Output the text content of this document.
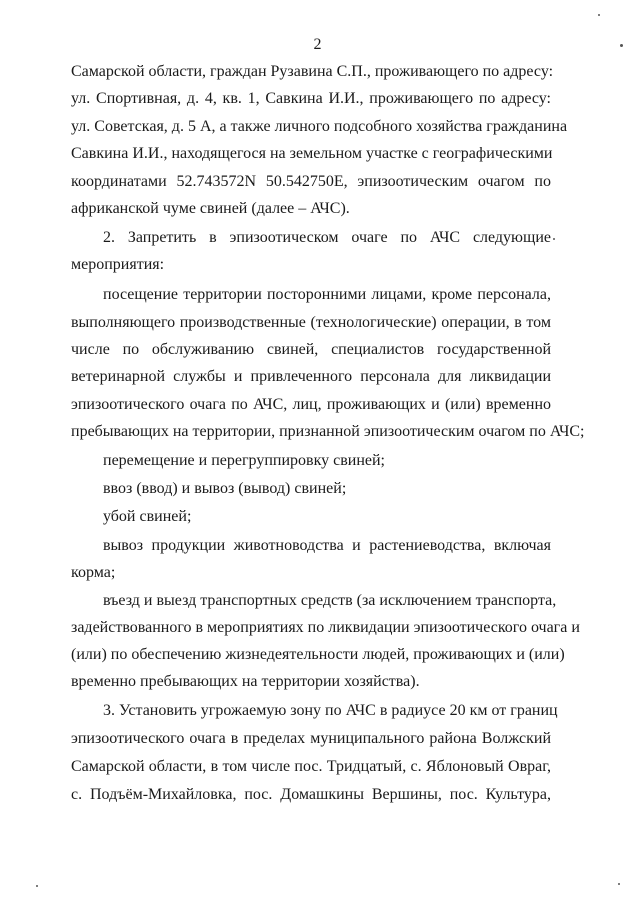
2
Самарской области, граждан Рузавина С.П., проживающего по адресу:
ул. Спортивная, д. 4, кв. 1, Савкина И.И., проживающего по адресу:
ул. Советская, д. 5 А, а также личного подсобного хозяйства гражданина
Савкина И.И., находящегося на земельном участке с географическими
координатами 52.743572N 50.542750E, эпизоотическим очагом по
африканской чуме свиней (далее – АЧС).
2. Запретить в эпизоотическом очаге по АЧС следующие
мероприятия:
посещение территории посторонними лицами, кроме персонала,
выполняющего производственные (технологические) операции, в том
числе по обслуживанию свиней, специалистов государственной
ветеринарной службы и привлеченного персонала для ликвидации
эпизоотического очага по АЧС, лиц, проживающих и (или) временно
пребывающих на территории, признанной эпизоотическим очагом по АЧС;
перемещение и перегруппировку свиней;
ввоз (ввод) и вывоз (вывод) свиней;
убой свиней;
вывоз продукции животноводства и растениеводства, включая
корма;
въезд и выезд транспортных средств (за исключением транспорта,
задействованного в мероприятиях по ликвидации эпизоотического очага и
(или) по обеспечению жизнедеятельности людей, проживающих и (или)
временно пребывающих на территории хозяйства).
3. Установить угрожаемую зону по АЧС в радиусе 20 км от границ
эпизоотического очага в пределах муниципального района Волжский
Самарской области, в том числе пос. Тридцатый, с. Яблоновый Овраг,
с. Подъём-Михайловка, пос. Домашкины Вершины, пос. Культура,
